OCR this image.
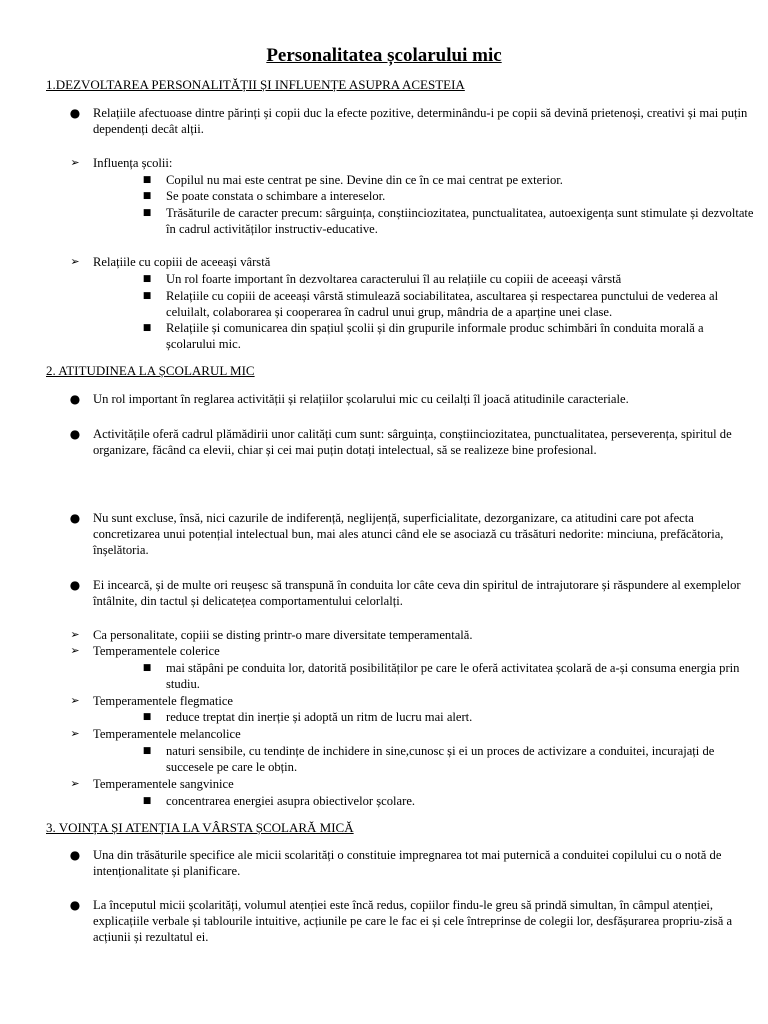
Personalitatea școlarului mic
1.DEZVOLTAREA PERSONALITĂȚII ȘI INFLUENȚE ASUPRA ACESTEIA
● Relațiile afectuoase dintre părinți și copii duc la efecte pozitive, determinându-i pe copii să devină prietenoși, creativi și mai puțin dependenți decât alții.
➢	Influența școlii:
■	Copilul nu mai este centrat pe sine. Devine din ce în ce mai centrat pe exterior.
■	Se poate constata o schimbare a intereselor.
■	Trăsăturile de caracter precum: sârguința, conștiinciozitatea, punctualitatea, autoexigența sunt stimulate și dezvoltate în cadrul activităților instructiv-educative.
➢	Relațiile cu copiii de aceeași vârstă
■	Un rol foarte important în dezvoltarea caracterului îl au relațiile cu copiii de aceeași vârstă
■	Relațiile cu copiii de aceeași vârstă stimulează sociabilitatea, ascultarea și respectarea punctului de vederea al celuilalt, colaborarea și cooperarea în cadrul unui grup, mândria de a aparține unei clase.
■	Relațiile și comunicarea din spațiul școlii și din grupurile informale produc schimbări în conduita morală a școlarului mic.
2. ATITUDINEA LA ȘCOLARUL MIC
● Un rol important în reglarea activității și relațiilor școlarului mic cu ceilalți îl joacă atitudinile caracteriale.
● Activitățile oferă cadrul plămădirii unor calități cum sunt: sârguința, conștiinciozitatea, punctualitatea, perseverența, spiritul de organizare, făcând ca elevii, chiar și cei mai puțin dotați intelectual, să se realizeze bine profesional.
● Nu sunt excluse, însă, nici cazurile de indiferență, neglijență, superficialitate, dezorganizare, ca atitudini care pot afecta concretizarea unui potențial intelectual bun, mai ales atunci când ele se asociază cu trăsături nedorite: minciuna, prefăcătoria, înșelătoria.
● Ei incearcă, și de multe ori reușesc să transpună în conduita lor câte ceva din spiritul de intrajutorare și răspundere al exemplelor întâlnite, din tactul și delicatețea comportamentului celorlalți.
➢	Ca personalitate, copiii se disting printr-o mare diversitate temperamentală.
➢	Temperamentele colerice
■	mai stăpâni pe conduita lor, datorită posibilităților pe care le oferă activitatea școlară de a-și consuma energia prin studiu.
➢	Temperamentele flegmatice
■	reduce treptat din inerție și adoptă un ritm de lucru mai alert.
➢	Temperamentele melancolice
■	naturi sensibile, cu tendințe de inchidere in sine,cunosc și ei un proces de activizare a conduitei, incurajați de succesele pe care le obțin.
➢	Temperamentele sangvinice
■	concentrarea energiei asupra obiectivelor școlare.
3. VOINȚA ȘI ATENȚIA LA VÂRSTA ȘCOLARĂ MICĂ
● Una din trăsăturile specifice ale micii scolarități o constituie impregnarea tot mai puternică a conduitei copilului cu o notă de intenționalitate și planificare.
● La începutul micii școlarități, volumul atenției este încă redus, copiilor findu-le greu să prindă simultan, în câmpul atenției, explicațiile verbale și tablourile intuitive, acțiunile pe care le fac ei și cele întreprinse de colegii lor, desfășurarea propriu-zisă a acțiunii și rezultatul ei.
